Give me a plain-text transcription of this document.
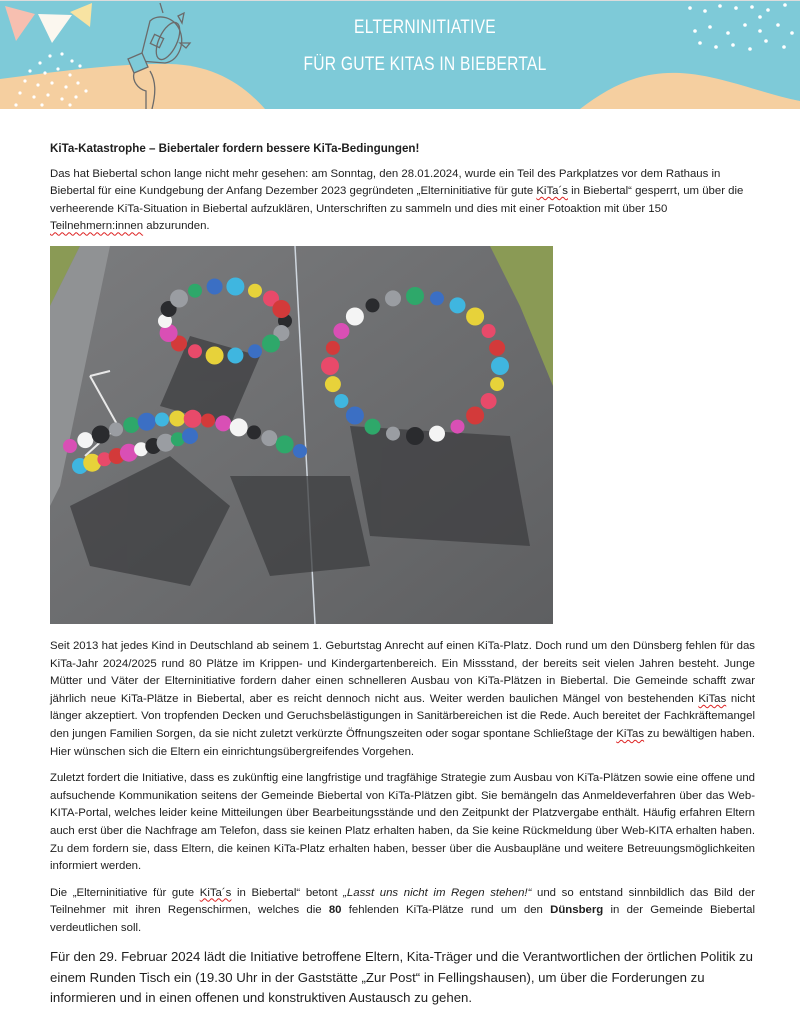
ELTERNINITIATIVE
FÜR GUTE KITAS IN BIEBERTAL
KiTa-Katastrophe – Biebertaler fordern bessere KiTa-Bedingungen!

Das hat Biebertal schon lange nicht mehr gesehen: am Sonntag, den 28.01.2024, wurde ein Teil des Parkplatzes vor dem Rathaus in Biebertal für eine Kundgebung der Anfang Dezember 2023 gegründeten „Elterninitiative für gute KiTa´s in Biebertal“ gesperrt, um über die verheerende KiTa-Situation in Biebertal aufzuklären, Unterschriften zu sammeln und dies mit einer Fotoaktion mit über 150 Teilnehmern:innen abzurunden.

Seit 2013 hat jedes Kind in Deutschland ab seinem 1. Geburtstag Anrecht auf einen KiTa-Platz. Doch rund um den Dünsberg fehlen für das KiTa-Jahr 2024/2025 rund 80 Plätze im Krippen- und Kindergartenbereich. Ein Missstand, der bereits seit vielen Jahren besteht. Junge Mütter und Väter der Elterninitiative fordern daher einen schnelleren Ausbau von KiTa-Plätzen in Biebertal. Die Gemeinde schafft zwar jährlich neue KiTa-Plätze in Biebertal, aber es reicht dennoch nicht aus. Weiter werden baulichen Mängel von bestehenden KiTas nicht länger akzeptiert. Von tropfenden Decken und Geruchsbelästigungen in Sanitärbereichen ist die Rede. Auch bereitet der Fachkräftemangel den jungen Familien Sorgen, da sie nicht zuletzt verkürzte Öffnungszeiten oder sogar spontane Schließtage der KiTas zu bewältigen haben. Hier wünschen sich die Eltern ein einrichtungsübergreifendes Vorgehen.

Zuletzt fordert die Initiative, dass es zukünftig eine langfristige und tragfähige Strategie zum Ausbau von KiTa-Plätzen sowie eine offene und aufsuchende Kommunikation seitens der Gemeinde Biebertal von KiTa-Plätzen gibt. Sie bemängeln das Anmeldeverfahren über das Web-KITA-Portal, welches leider keine Mitteilungen über Bearbeitungsstände und den Zeitpunkt der Platzvergabe enthält. Häufig erfahren Eltern auch erst über die Nachfrage am Telefon, dass sie keinen Platz erhalten haben, da Sie keine Rückmeldung über Web-KITA erhalten haben. Zu dem fordern sie, dass Eltern, die keinen KiTa-Platz erhalten haben, besser über die Ausbaupläne und weitere Betreuungsmöglichkeiten informiert werden.

Die „Elterninitiative für gute KiTa´s in Biebertal“ betont „Lasst uns nicht im Regen stehen!“ und so entstand sinnbildlich das Bild der Teilnehmer mit ihren Regenschirmen, welches die 80 fehlenden KiTa-Plätze rund um den Dünsberg in der Gemeinde Biebertal verdeutlichen soll.

Für den 29. Februar 2024 lädt die Initiative betroffene Eltern, Kita-Träger und die Verantwortlichen der örtlichen Politik zu einem Runden Tisch ein (19.30 Uhr in der Gaststätte „Zur Post“ in Fellingshausen), um über die Forderungen zu informieren und in einen offenen und konstruktiven Austausch zu gehen.
